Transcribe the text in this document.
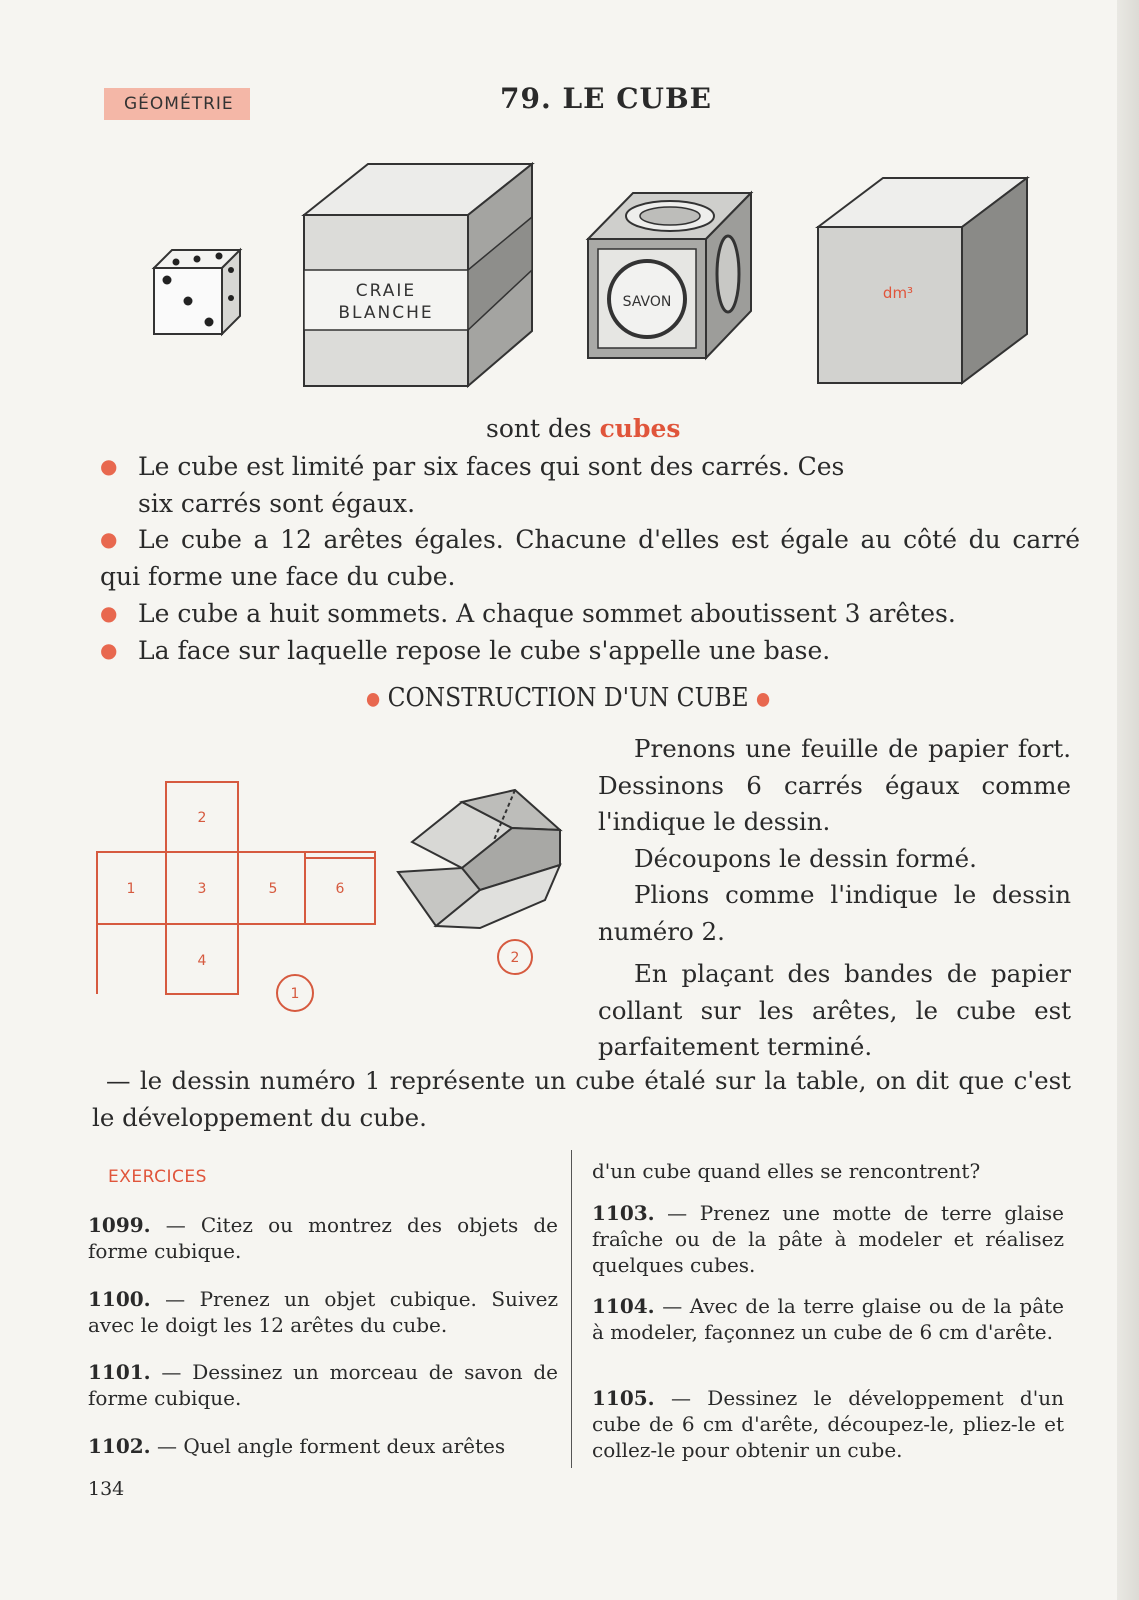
GÉOMÉTRIE	79. LE CUBE
CRAIE
BLANCHE
SAVON	dm³
sont des cubes
● Le cube est limité par six faces qui sont des carrés. Ces six carrés sont égaux.
● Le cube a 12 arêtes égales. Chacune d'elles est égale au côté du carré qui forme une face du cube.
● Le cube a huit sommets. A chaque sommet aboutissent 3 arêtes.
● La face sur laquelle repose le cube s'appelle une base.
● CONSTRUCTION D'UN CUBE ●
1
2
3
4
5	6
1
2
Prenons une feuille de papier fort. Dessinons 6 carrés égaux comme l'indique le dessin.
Découpons le dessin formé.
Plions comme l'indique le dessin numéro 2.
En plaçant des bandes de papier collant sur les arêtes, le cube est parfaitement terminé.
— le dessin numéro 1 représente un cube étalé sur la table, on dit que c'est le développement du cube.
EXERCICES
1099. — Citez ou montrez des objets de forme cubique.
1100. — Prenez un objet cubique. Suivez avec le doigt les 12 arêtes du cube.
1101. — Dessinez un morceau de savon de forme cubique.
1102. — Quel angle forment deux arêtes
d'un cube quand elles se rencontrent?
1103. — Prenez une motte de terre glaise fraîche ou de la pâte à modeler et réalisez quelques cubes.
1104. — Avec de la terre glaise ou de la pâte à modeler, façonnez un cube de 6 cm d'arête.
1105. — Dessinez le développement d'un cube de 6 cm d'arête, découpez-le, pliez-le et collez-le pour obtenir un cube.
134
